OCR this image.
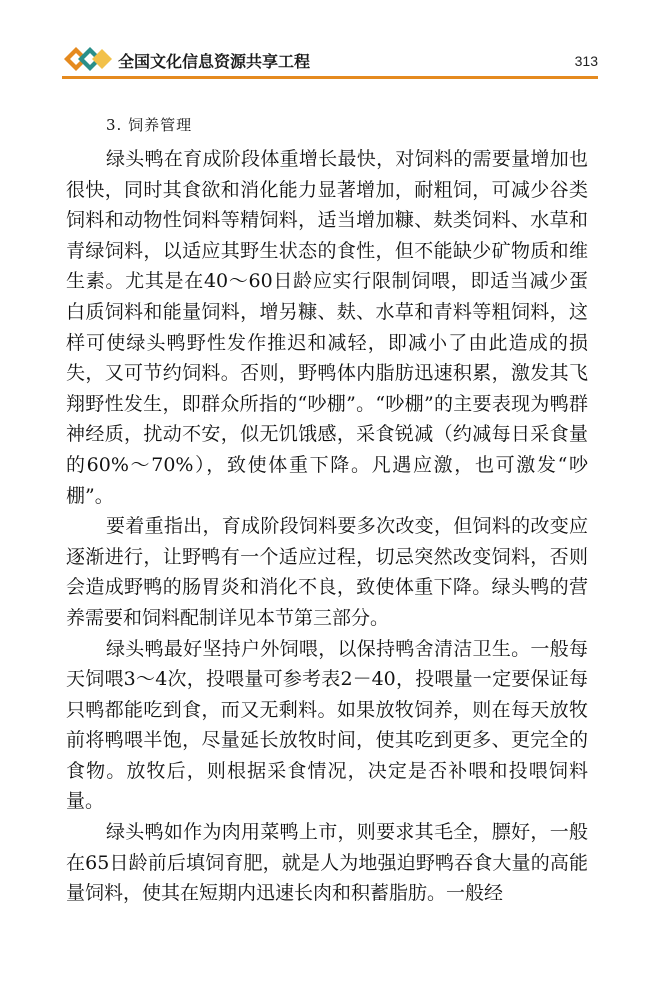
全国文化信息资源共享工程	313
3. 饲养管理

绿头鸭在育成阶段体重增长最快，对饲料的需要量增加也很快，同时其食欲和消化能力显著增加，耐粗饲，可减少谷类饲料和动物性饲料等精饲料，适当增加糠、麸类饲料、水草和青绿饲料，以适应其野生状态的食性，但不能缺少矿物质和维生素。尤其是在40～60日龄应实行限制饲喂，即适当减少蛋白质饲料和能量饲料，增另糠、麸、水草和青料等粗饲料，这样可使绿头鸭野性发作推迟和减轻，即减小了由此造成的损失，又可节约饲料。否则，野鸭体内脂肪迅速积累，激发其飞翔野性发生，即群众所指的“吵棚”。“吵棚”的主要表现为鸭群神经质，扰动不安，似无饥饿感，采食锐减（约减每日采食量的60%～70%），致使体重下降。凡遇应激，也可激发“吵棚”。

要着重指出，育成阶段饲料要多次改变，但饲料的改变应逐渐进行，让野鸭有一个适应过程，切忌突然改变饲料，否则会造成野鸭的肠胃炎和消化不良，致使体重下降。绿头鸭的营养需要和饲料配制详见本节第三部分。

绿头鸭最好坚持户外饲喂，以保持鸭舍清洁卫生。一般每天饲喂3～4次，投喂量可参考表2－40，投喂量一定要保证每只鸭都能吃到食，而又无剩料。如果放牧饲养，则在每天放牧前将鸭喂半饱，尽量延长放牧时间，使其吃到更多、更完全的食物。放牧后，则根据采食情况，决定是否补喂和投喂饲料量。

绿头鸭如作为肉用菜鸭上市，则要求其毛全，膘好，一般在65日龄前后填饲育肥，就是人为地强迫野鸭吞食大量的高能量饲料，使其在短期内迅速长肉和积蓄脂肪。一般经
